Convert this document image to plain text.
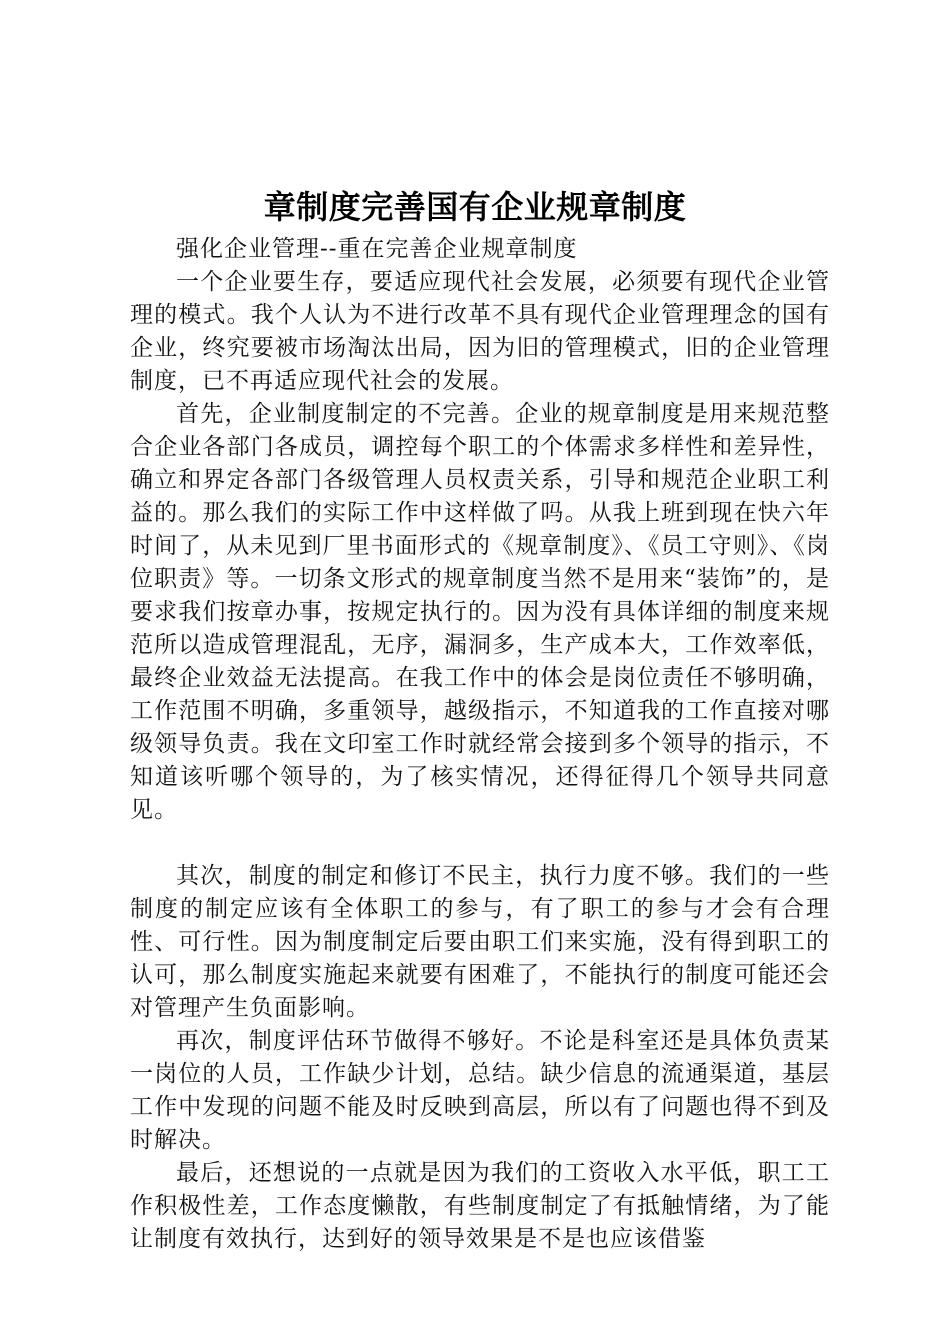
章制度完善国有企业规章制度

强化企业管理--重在完善企业规章制度

一个企业要生存，要适应现代社会发展，必须要有现代企业管理的模式。我个人认为不进行改革不具有现代企业管理理念的国有企业，终究要被市场淘汰出局，因为旧的管理模式，旧的企业管理制度，已不再适应现代社会的发展。

首先，企业制度制定的不完善。企业的规章制度是用来规范整合企业各部门各成员，调控每个职工的个体需求多样性和差异性，确立和界定各部门各级管理人员权责关系，引导和规范企业职工利益的。那么我们的实际工作中这样做了吗。从我上班到现在快六年时间了，从未见到厂里书面形式的《规章制度》、《员工守则》、《岗位职责》等。一切条文形式的规章制度当然不是用来“装饰”的，是要求我们按章办事，按规定执行的。因为没有具体详细的制度来规范所以造成管理混乱，无序，漏洞多，生产成本大，工作效率低，最终企业效益无法提高。在我工作中的体会是岗位责任不够明确，工作范围不明确，多重领导，越级指示，不知道我的工作直接对哪级领导负责。我在文印室工作时就经常会接到多个领导的指示，不知道该听哪个领导的，为了核实情况，还得征得几个领导共同意见。

其次，制度的制定和修订不民主，执行力度不够。我们的一些制度的制定应该有全体职工的参与，有了职工的参与才会有合理性、可行性。因为制度制定后要由职工们来实施，没有得到职工的认可，那么制度实施起来就要有困难了，不能执行的制度可能还会对管理产生负面影响。

再次，制度评估环节做得不够好。不论是科室还是具体负责某一岗位的人员，工作缺少计划，总结。缺少信息的流通渠道，基层工作中发现的问题不能及时反映到高层，所以有了问题也得不到及时解决。

最后，还想说的一点就是因为我们的工资收入水平低，职工工作积极性差，工作态度懒散，有些制度制定了有抵触情绪，为了能让制度有效执行，达到好的领导效果是不是也应该借鉴
